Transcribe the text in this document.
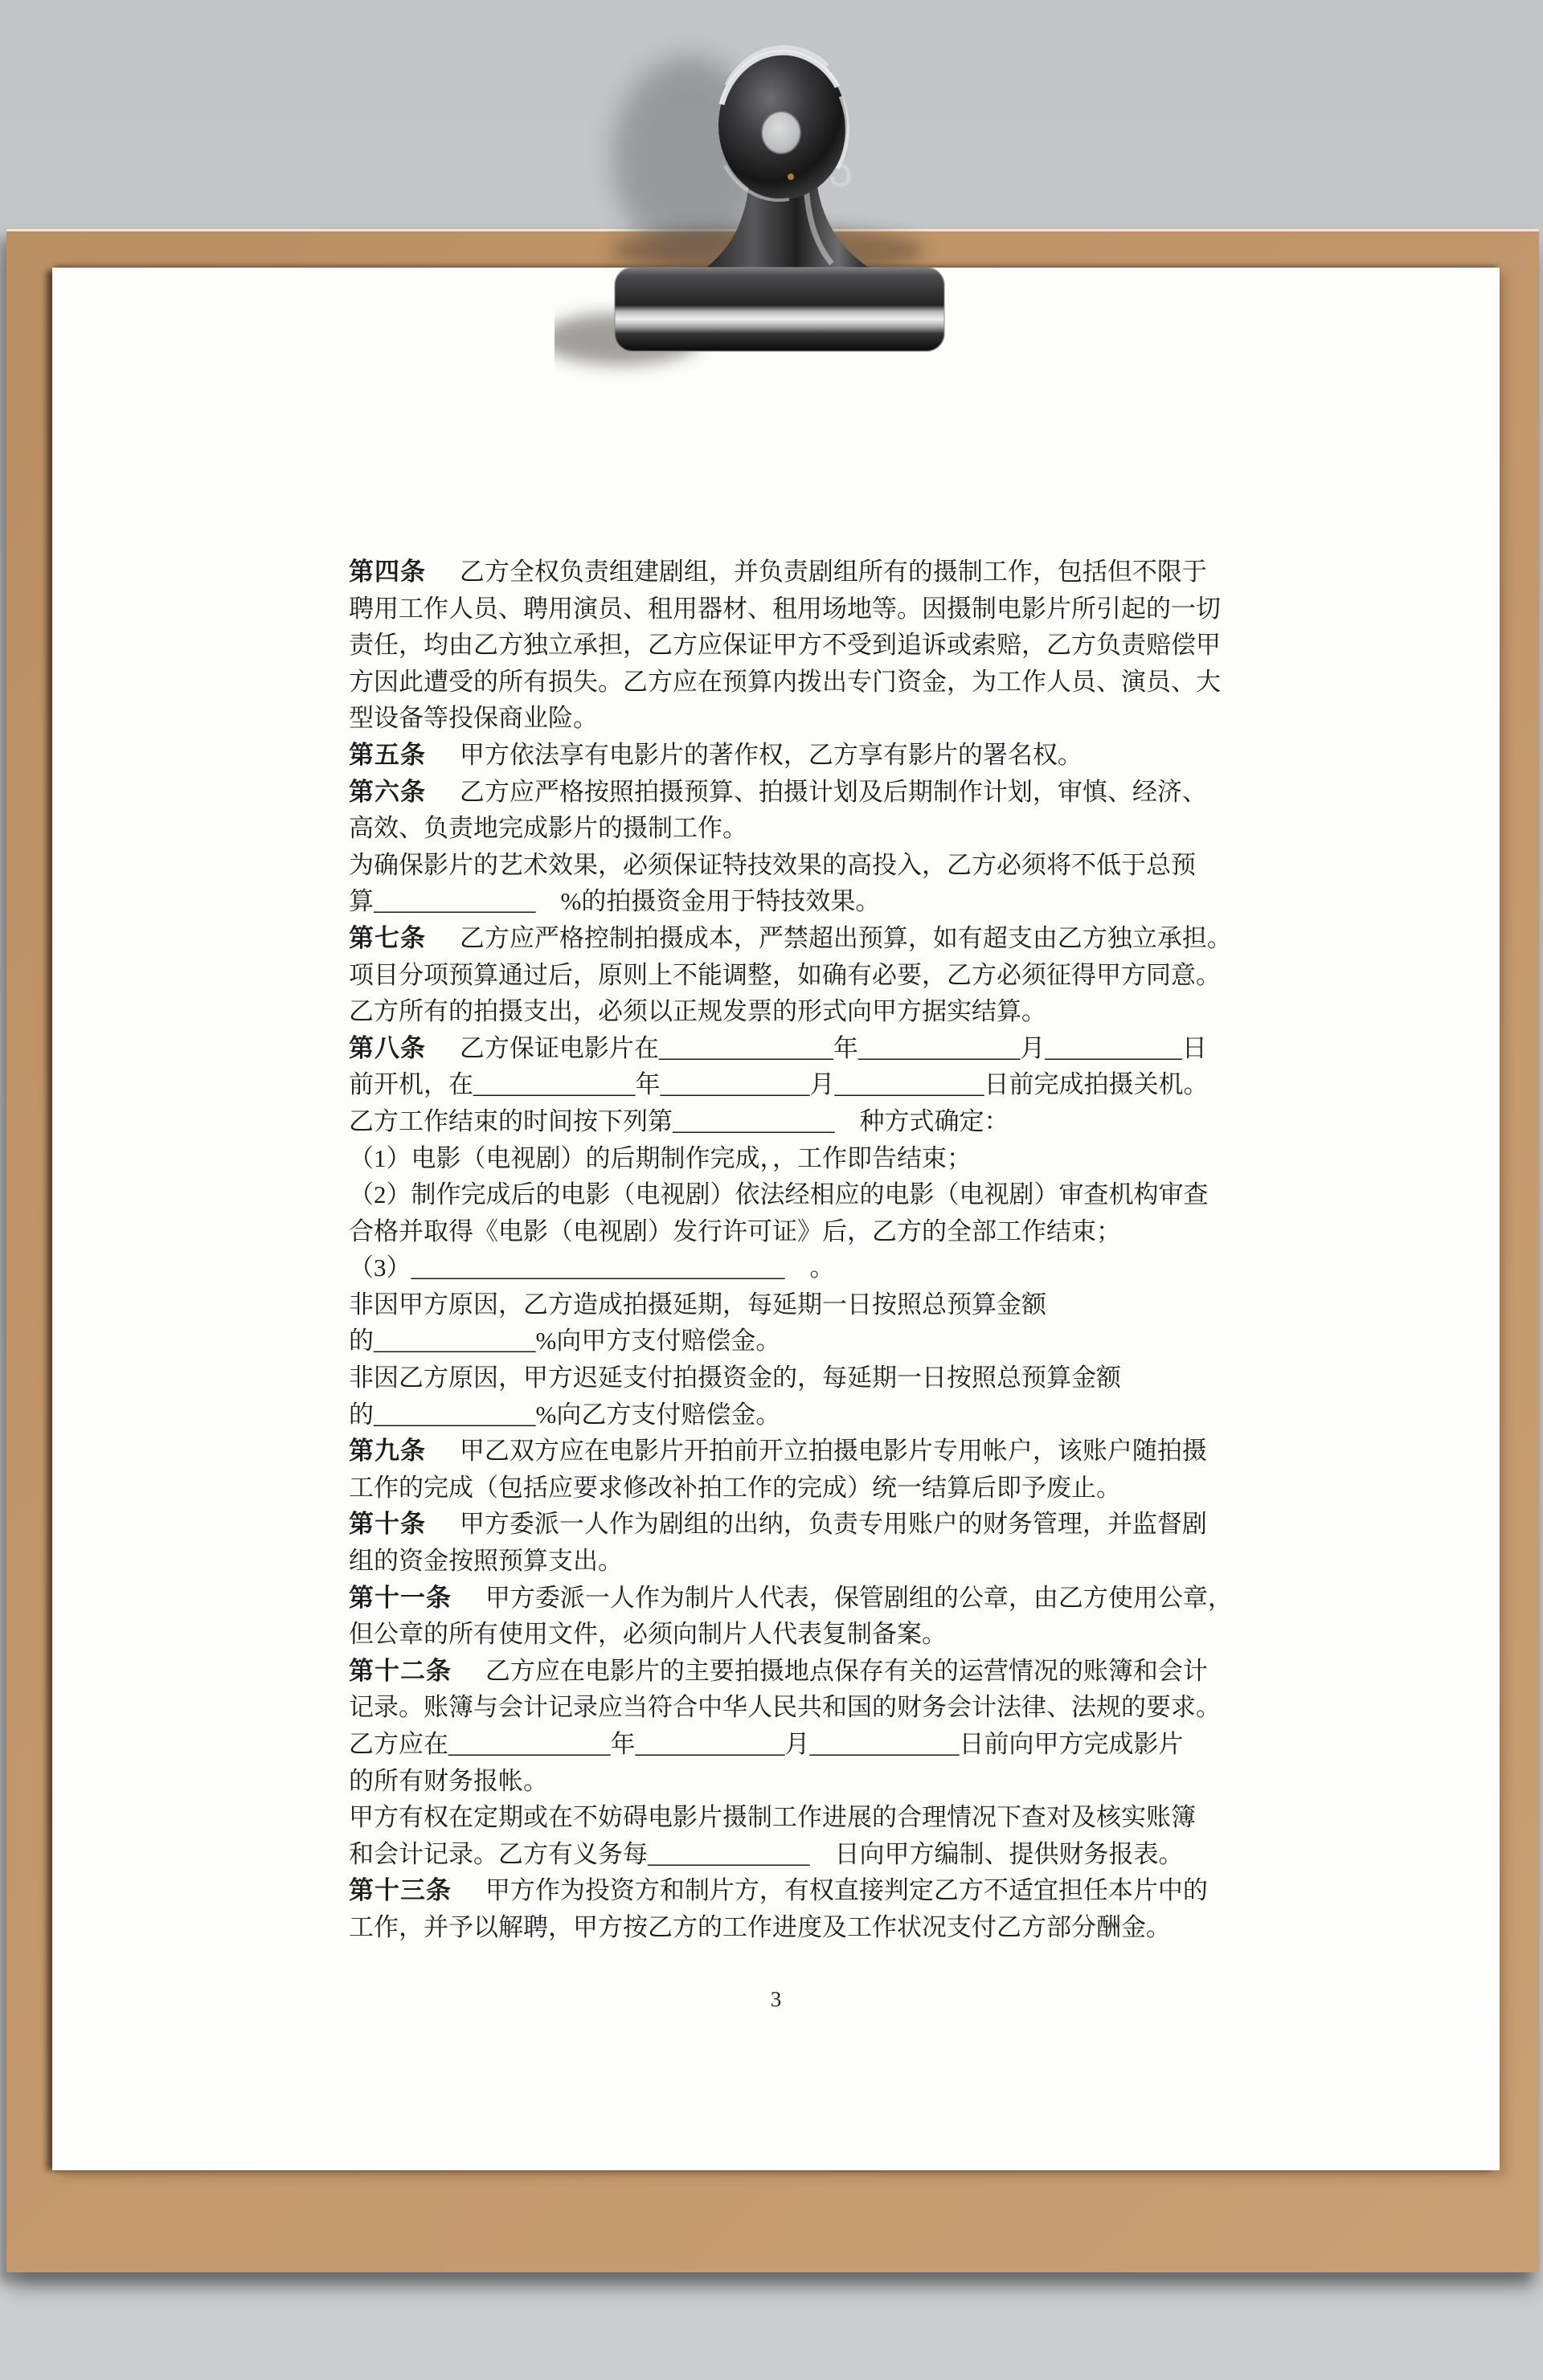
第四条 乙方全权负责组建剧组，并负责剧组所有的摄制工作，包括但不限于
聘用工作人员、聘用演员、租用器材、租用场地等。因摄制电影片所引起的一切
责任，均由乙方独立承担，乙方应保证甲方不受到追诉或索赔，乙方负责赔偿甲
方因此遭受的所有损失。乙方应在预算内拨出专门资金，为工作人员、演员、大
型设备等投保商业险。
第五条 甲方依法享有电影片的著作权，乙方享有影片的署名权。
第六条 乙方应严格按照拍摄预算、拍摄计划及后期制作计划，审慎、经济、
高效、负责地完成影片的摄制工作。
为确保影片的艺术效果，必须保证特技效果的高投入，乙方必须将不低于总预
算_____________　%的拍摄资金用于特技效果。
第七条 乙方应严格控制拍摄成本，严禁超出预算，如有超支由乙方独立承担。
项目分项预算通过后，原则上不能调整，如确有必要，乙方必须征得甲方同意。
乙方所有的拍摄支出，必须以正规发票的形式向甲方据实结算。
第八条 乙方保证电影片在______________年_____________月___________日
前开机，在_____________年____________月____________日前完成拍摄关机。
乙方工作结束的时间按下列第_____________　种方式确定：
（1）电影（电视剧）的后期制作完成，，工作即告结束；
（2）制作完成后的电影（电视剧）依法经相应的电影（电视剧）审查机构审查
合格并取得《电影（电视剧）发行许可证》后，乙方的全部工作结束；
（3）______________________________　。
非因甲方原因，乙方造成拍摄延期，每延期一日按照总预算金额
的_____________%向甲方支付赔偿金。
非因乙方原因，甲方迟延支付拍摄资金的，每延期一日按照总预算金额
的_____________%向乙方支付赔偿金。
第九条 甲乙双方应在电影片开拍前开立拍摄电影片专用帐户，该账户随拍摄
工作的完成（包括应要求修改补拍工作的完成）统一结算后即予废止。
第十条 甲方委派一人作为剧组的出纳，负责专用账户的财务管理，并监督剧
组的资金按照预算支出。
第十一条 甲方委派一人作为制片人代表，保管剧组的公章，由乙方使用公章，
但公章的所有使用文件，必须向制片人代表复制备案。
第十二条 乙方应在电影片的主要拍摄地点保存有关的运营情况的账簿和会计
记录。账簿与会计记录应当符合中华人民共和国的财务会计法律、法规的要求。
乙方应在_____________年____________月____________日前向甲方完成影片
的所有财务报帐。
甲方有权在定期或在不妨碍电影片摄制工作进展的合理情况下查对及核实账簿
和会计记录。乙方有义务每_____________　日向甲方编制、提供财务报表。
第十三条 甲方作为投资方和制片方，有权直接判定乙方不适宜担任本片中的
工作，并予以解聘，甲方按乙方的工作进度及工作状况支付乙方部分酬金。
3
